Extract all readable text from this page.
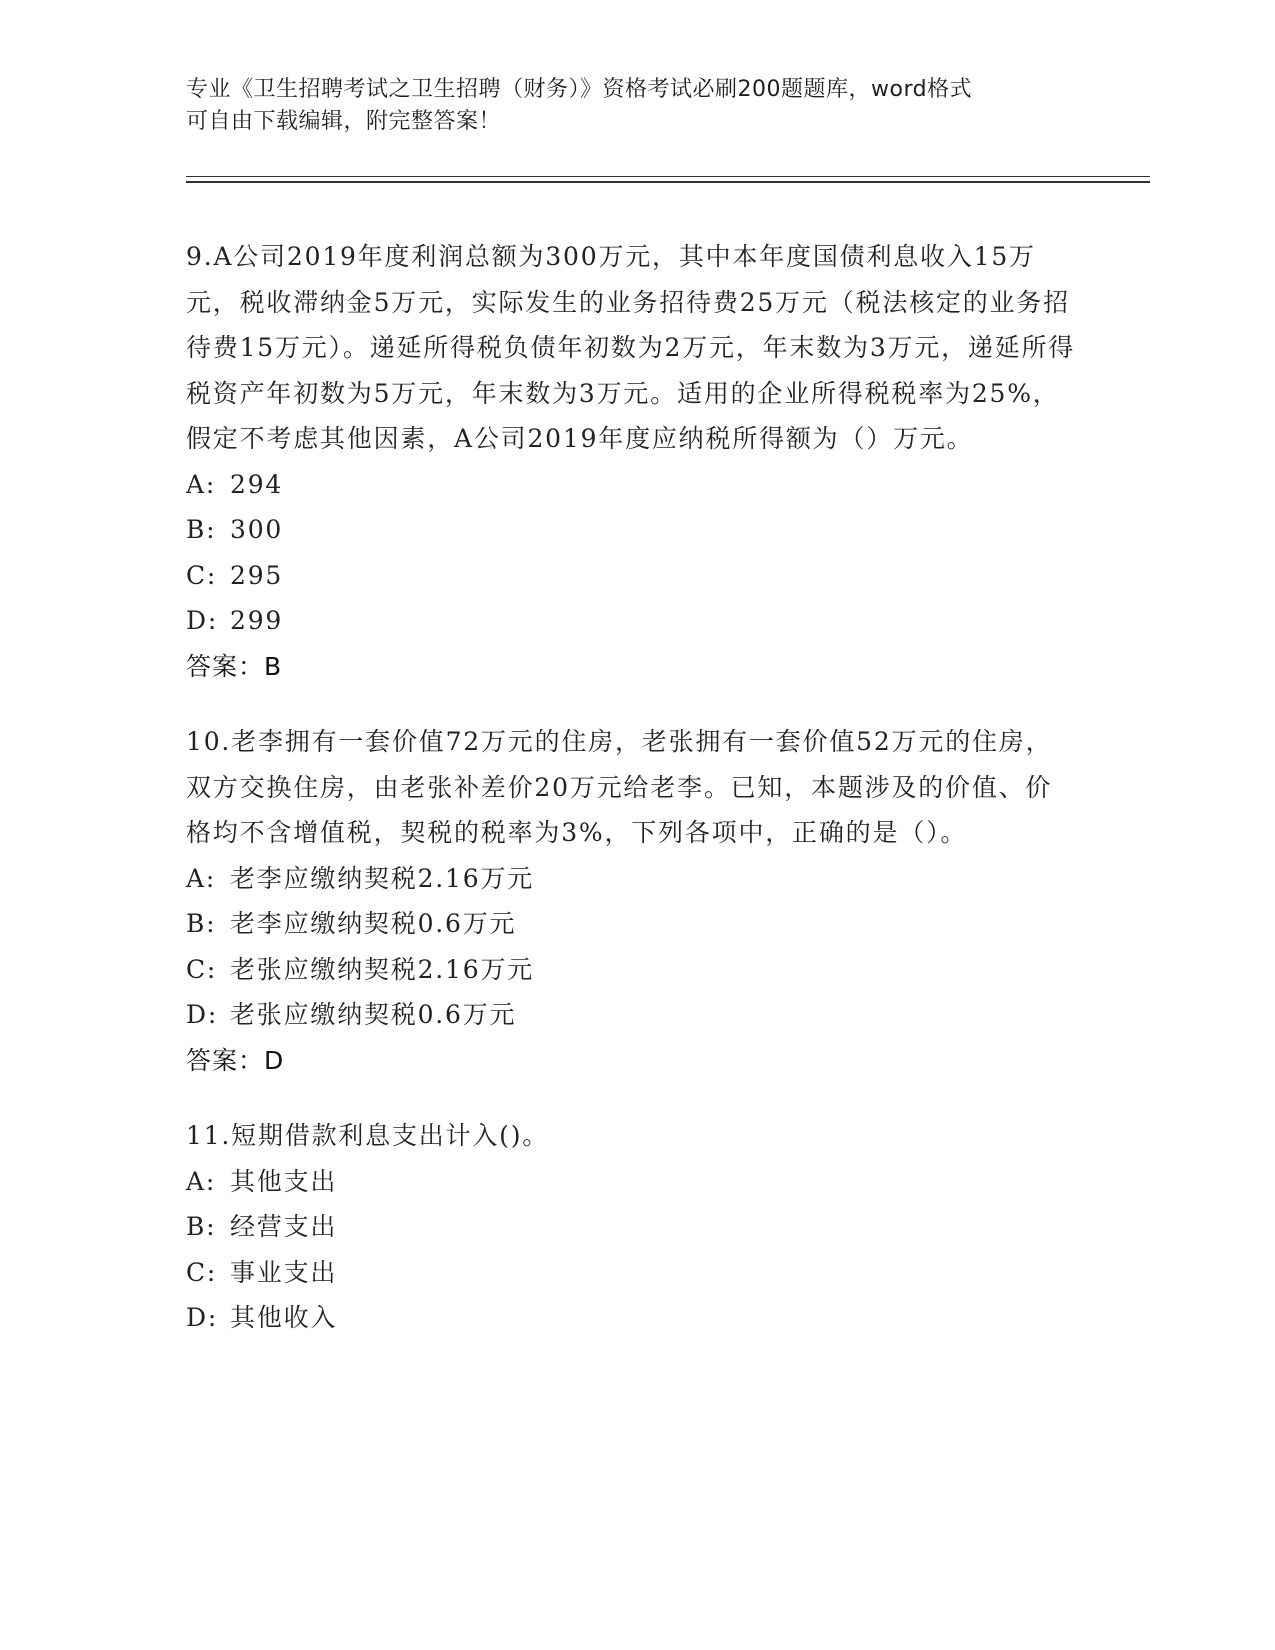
专业《卫生招聘考试之卫生招聘（财务）》资格考试必刷200题题库，word格式
可自由下载编辑，附完整答案！
9.A公司2019年度利润总额为300万元，其中本年度国债利息收入15万元，税收滞纳金5万元，实际发生的业务招待费25万元（税法核定的业务招待费15万元）。递延所得税负债年初数为2万元，年末数为3万元，递延所得税资产年初数为5万元，年末数为3万元。适用的企业所得税税率为25%，假定不考虑其他因素，A公司2019年度应纳税所得额为（）万元。
A: 294
B: 300
C: 295
D: 299
答案：B
10.老李拥有一套价值72万元的住房，老张拥有一套价值52万元的住房，双方交换住房，由老张补差价20万元给老李。已知，本题涉及的价值、价格均不含增值税，契税的税率为3%，下列各项中，正确的是（）。
A: 老李应缴纳契税2.16万元
B: 老李应缴纳契税0.6万元
C: 老张应缴纳契税2.16万元
D: 老张应缴纳契税0.6万元
答案：D
11.短期借款利息支出计入()。
A: 其他支出
B: 经营支出
C: 事业支出
D: 其他收入
